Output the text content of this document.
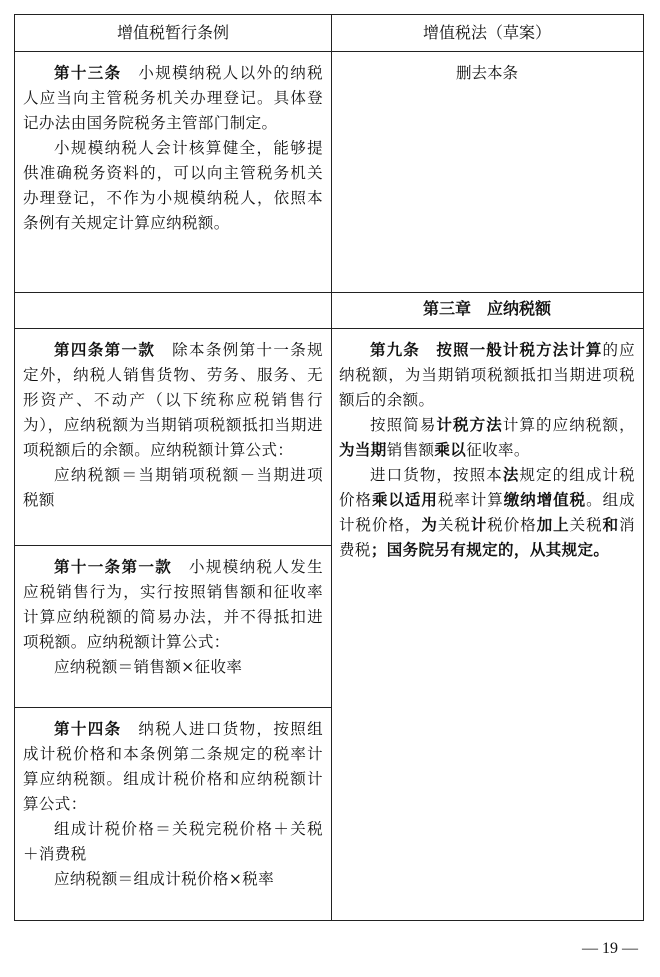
增值税暂行条例	增值税法（草案）

第十三条　小规模纳税人以外的纳税人应当向主管税务机关办理登记。具体登记办法由国务院税务主管部门制定。

小规模纳税人会计核算健全，能够提供准确税务资料的，可以向主管税务机关办理登记，不作为小规模纳税人，依照本条例有关规定计算应纳税额。

删去本条

第三章　应纳税额

第四条第一款　除本条例第十一条规定外，纳税人销售货物、劳务、服务、无形资产、不动产（以下统称应税销售行为），应纳税额为当期销项税额抵扣当期进项税额后的余额。应纳税额计算公式：

应纳税额＝当期销项税额－当期进项税额

第九条　按照一般计税方法计算的应纳税额，为当期销项税额抵扣当期进项税额后的余额。

按照简易计税方法计算的应纳税额，为当期销售额乘以征收率。

进口货物，按照本法规定的组成计税价格乘以适用税率计算缴纳增值税。组成计税价格，为关税计税价格加上关税和消费税；国务院另有规定的，从其规定。

第十一条第一款　小规模纳税人发生应税销售行为，实行按照销售额和征收率计算应纳税额的简易办法，并不得抵扣进项税额。应纳税额计算公式：

应纳税额＝销售额×征收率

第十四条　纳税人进口货物，按照组成计税价格和本条例第二条规定的税率计算应纳税额。组成计税价格和应纳税额计算公式：

组成计税价格＝关税完税价格＋关税＋消费税

应纳税额＝组成计税价格×税率

— 19 —
